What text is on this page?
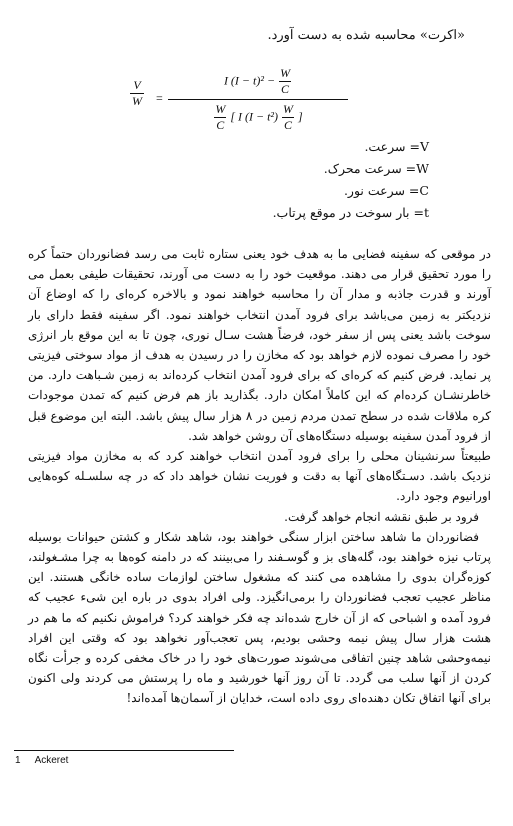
«اکرت» محاسبه شده به دست آورد.
$\frac{V}{W}$ =
I $(I - t)^2 - \frac{W}{C}$
$\frac{W}{C}$ [ I $(I - t^2) \frac{W}{C}$ ]
V= سرعت.
W= سرعت محرک.
C= سرعت نور.
t= بار سوخت در موقع پرتاب.

در موقعی که سفینه فضایی ما به هدف خود یعنی ستاره ثابت می رسد فضانوردان حتماً کره را مورد تحقیق قرار می دهند. موقعیت خود را به دست می آورند، تحقیقات طیفی بعمل می آورند و قدرت جاذبه و مدار آن را محاسبه خواهند نمود و بالاخره کره‌ای را که اوضاع آن نزدیکتر به زمین می‌باشد برای فرود آمدن انتخاب خواهند نمود. اگر سفینه فقط دارای بار سوخت باشد یعنی پس از سفر خود، فرضاً هشت سـال نوری، چون تا به این موقع بار انرژی خود را مصرف نموده لازم خواهد بود که مخازن را در رسیدن به هدف از مواد سوختی فیزیتی پر نماید. فرض کنیم که کره‌ای که برای فرود آمدن انتخاب کرده‌اند به زمین شـباهت دارد. من خاطرنشـان کرده‌ام که این کاملاً امکان دارد. بگذارید باز هم فرض کنیم که تمدن موجودات کره ملاقات شده در سطح تمدن مردم زمین در ۸ هزار سال پیش باشد. البته این موضوع قبل از فرود آمدن سفینه بوسیله دستگاه‌های آن روشن خواهد شد.

طبیعتاً سرنشینان محلی را برای فرود آمدن انتخاب خواهند کرد که به مخازن مواد فیزیتی نزدیک باشد. دسـتگاه‌های آنها به دقت و فوریت نشان خواهد داد که در چه سلسـله کوه‌هایی اورانیوم وجود دارد.

فرود بر طبق نقشه انجام خواهد گرفت.

فضانوردان ما شاهد ساختن ابزار سنگی خواهند بود، شاهد شکار و کشتن حیوانات بوسیله پرتاب نیزه خواهند بود، گله‌های بز و گوسـفند را می‌بینند که در دامنه کوه‌ها به چرا مشـغولند، کوزه‌گران بدوی را مشاهده می کنند که مشغول ساختن لوازمات ساده خانگی هستند. این مناظر عجیب تعجب فضانوردان را برمی‌انگیزد. ولی افراد بدوی در باره این شیء عجیب که فرود آمده و اشباحی که از آن خارج شده‌اند چه فکر خواهند کرد؟ فراموش نکنیم که ما هم در هشت هزار سال پیش نیمه وحشی بودیم، پس تعجب‌آور نخواهد بود که وقتی این افراد نیمه‌وحشی شاهد چنین اتفاقی می‌شوند صورت‌های خود را در خاک مخفی کرده و جرأت نگاه کردن از آنها سلب می گردد. تا آن روز آنها خورشید و ماه را پرستش می کردند ولی اکنون برای آنها اتفاق تکان دهنده‌ای روی داده است، خدایان از آسمان‌ها آمده‌اند!

1 Ackeret
